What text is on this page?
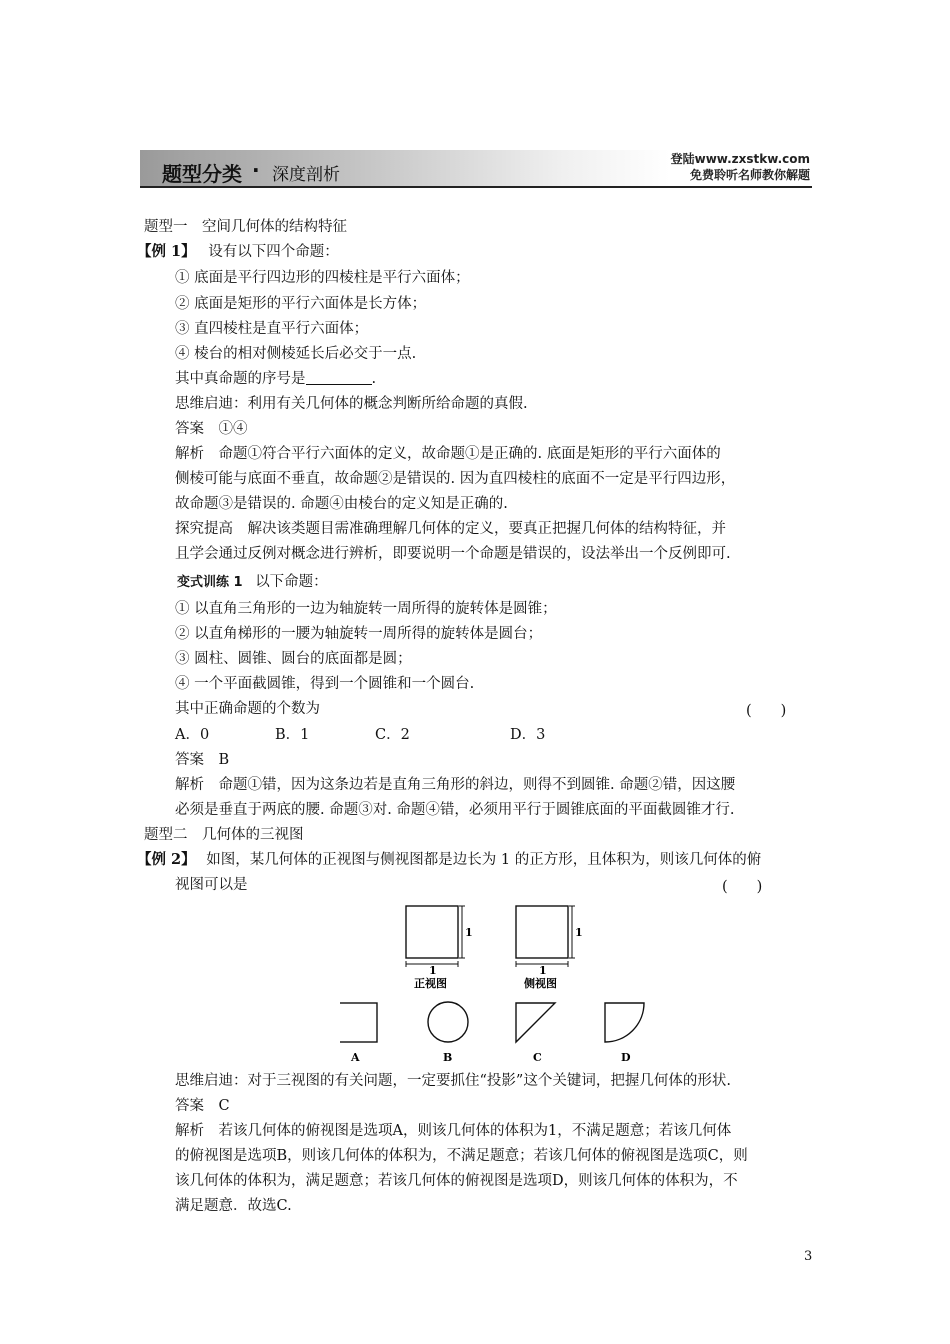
题型分类 · 深度剖析
登陆www.zxstkw.com
免费聆听名师教你解题
题型一　空间几何体的结构特征
【例 1】 设有以下四个命题：
① 底面是平行四边形的四棱柱是平行六面体；
② 底面是矩形的平行六面体是长方体；
③ 直四棱柱是直平行六面体；
④ 棱台的相对侧棱延长后必交于一点.
其中真命题的序号是	.
思维启迪：利用有关几何体的概念判断所给命题的真假.
答案　①④
解析　命题①符合平行六面体的定义，故命题①是正确的. 底面是矩形的平行六面体的
侧棱可能与底面不垂直，故命题②是错误的. 因为直四棱柱的底面不一定是平行四边形，
故命题③是错误的. 命题④由棱台的定义知是正确的.
探究提高　解决该类题目需准确理解几何体的定义，要真正把握几何体的结构特征，并
且学会通过反例对概念进行辨析，即要说明一个命题是错误的，设法举出一个反例即可.
变式训练 1 以下命题：
① 以直角三角形的一边为轴旋转一周所得的旋转体是圆锥；
② 以直角梯形的一腰为轴旋转一周所得的旋转体是圆台；
③ 圆柱、圆锥、圆台的底面都是圆；
④ 一个平面截圆锥，得到一个圆锥和一个圆台.
其中正确命题的个数为	(　　)
A．0	B．1	C．2	D．3
答案　B
解析　命题①错，因为这条边若是直角三角形的斜边，则得不到圆锥. 命题②错，因这腰
必须是垂直于两底的腰. 命题③对. 命题④错，必须用平行于圆锥底面的平面截圆锥才行.
题型二　几何体的三视图
【例 2】 如图，某几何体的正视图与侧视图都是边长为 1 的正方形，且体积为，则该几何体的俯
视图可以是	(　　)
1
1
正视图
1
1
侧视图
A	B	C	D
思维启迪：对于三视图的有关问题，一定要抓住“投影”这个关键词，把握几何体的形状.
答案　C
解析　若该几何体的俯视图是选项A，则该几何体的体积为1，不满足题意；若该几何体
的俯视图是选项B，则该几何体的体积为，不满足题意；若该几何体的俯视图是选项C，则
该几何体的体积为，满足题意；若该几何体的俯视图是选项D，则该几何体的体积为，不
满足题意．故选C.
3
